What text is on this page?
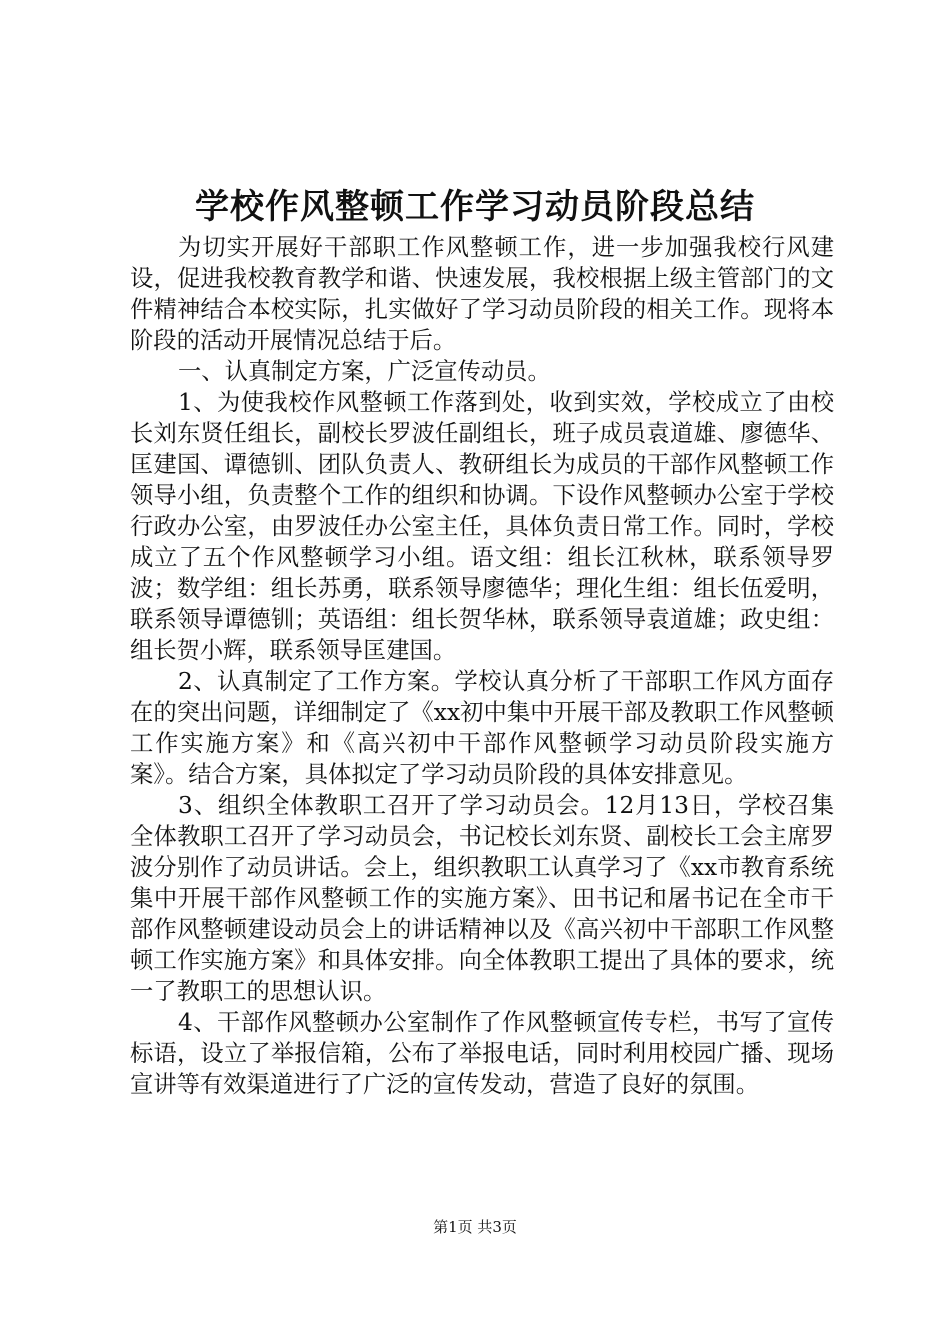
学校作风整顿工作学习动员阶段总结

为切实开展好干部职工作风整顿工作，进一步加强我校行风建设，促进我校教育教学和谐、快速发展，我校根据上级主管部门的文件精神结合本校实际，扎实做好了学习动员阶段的相关工作。现将本阶段的活动开展情况总结于后。

一、认真制定方案，广泛宣传动员。

1、为使我校作风整顿工作落到处，收到实效，学校成立了由校长刘东贤任组长，副校长罗波任副组长，班子成员袁道雄、廖德华、匡建国、谭德钏、团队负责人、教研组长为成员的干部作风整顿工作领导小组，负责整个工作的组织和协调。下设作风整顿办公室于学校行政办公室，由罗波任办公室主任，具体负责日常工作。同时，学校成立了五个作风整顿学习小组。语文组：组长江秋林，联系领导罗波；数学组：组长苏勇，联系领导廖德华；理化生组：组长伍爱明，联系领导谭德钏；英语组：组长贺华林，联系领导袁道雄；政史组：组长贺小辉，联系领导匡建国。

2、认真制定了工作方案。学校认真分析了干部职工作风方面存在的突出问题，详细制定了《xx初中集中开展干部及教职工作风整顿工作实施方案》和《高兴初中干部作风整顿学习动员阶段实施方案》。结合方案，具体拟定了学习动员阶段的具体安排意见。

3、组织全体教职工召开了学习动员会。12月13日，学校召集全体教职工召开了学习动员会，书记校长刘东贤、副校长工会主席罗波分别作了动员讲话。会上，组织教职工认真学习了《xx市教育系统集中开展干部作风整顿工作的实施方案》、田书记和屠书记在全市干部作风整顿建设动员会上的讲话精神以及《高兴初中干部职工作风整顿工作实施方案》和具体安排。向全体教职工提出了具体的要求，统一了教职工的思想认识。

4、干部作风整顿办公室制作了作风整顿宣传专栏，书写了宣传标语，设立了举报信箱，公布了举报电话，同时利用校园广播、现场宣讲等有效渠道进行了广泛的宣传发动，营造了良好的氛围。

第1页 共3页
